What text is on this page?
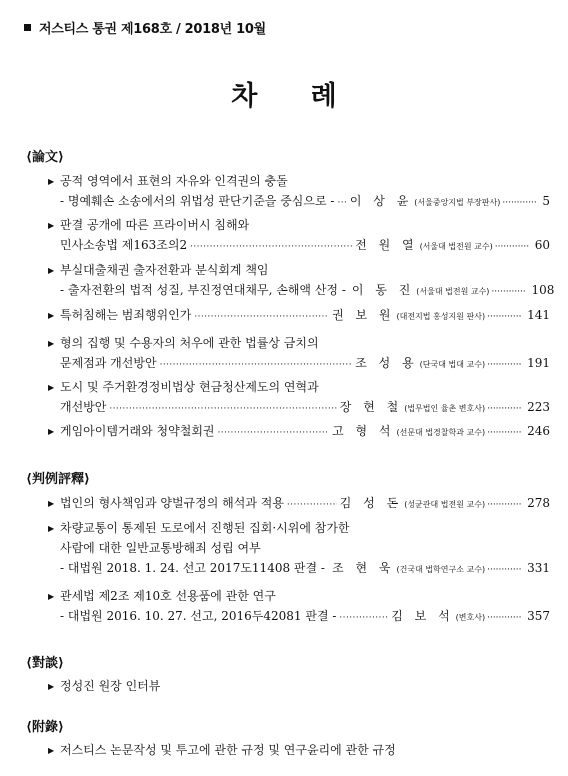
저스티스 통권 제168호 / 2018년 10월
차 례
⟨論文⟩
▶ 공적 영역에서 표현의 자유와 인격권의 충돌
- 명예훼손 소송에서의 위법성 판단기준을 중심으로 - ····· 이 상 윤 (서울중앙지법 부장판사) ·····	5
▶ 판결 공개에 따른 프라이버시 침해와
민사소송법 제163조의2 ·····	전 원 열 (서울대 법전원 교수) ·····	60
▶ 부실대출채권 출자전환과 분식회계 책임
- 출자전환의 법적 성질, 부진정연대채무, 손해액 산정 - 이 동 진 (서울대 법전원 교수) ·····	108
▶ 특허침해는 범죄행위인가 ·····	권 보 원 (대전지법 홍성지원 판사) ·····	141
▶ 형의 집행 및 수용자의 처우에 관한 법률상 금치의
문제점과 개선방안 ·····	조 성 용 (단국대 법대 교수) ·····	191
▶ 도시 및 주거환경정비법상 현금청산제도의 연혁과
개선방안 ·····	장 현 철 (법무법인 율촌 변호사) ·····	223
▶ 게임아이템거래와 청약철회권 ·····	고 형 석 (선문대 법경찰학과 교수) ·····	246
⟨判例評釋⟩
▶ 법인의 형사책임과 양벌규정의 해석과 적용 ·····	김 성 돈 (성균관대 법전원 교수) ·····	278
▶ 차량교통이 통제된 도로에서 진행된 집회·시위에 참가한
사람에 대한 일반교통방해죄 성립 여부
- 대법원 2018. 1. 24. 선고 2017도11408 판결 - ····· 조 현 욱 (건국대 법학연구소 교수) ·····	331
▶ 관세법 제2조 제10호 선용품에 관한 연구
- 대법원 2016. 10. 27. 선고, 2016두42081 판결 - ·····	김 보 석 (변호사) ·····	357
⟨對談⟩
▶ 정성진 원장 인터뷰
⟨附錄⟩
▶ 저스티스 논문작성 및 투고에 관한 규정 및 연구윤리에 관한 규정
